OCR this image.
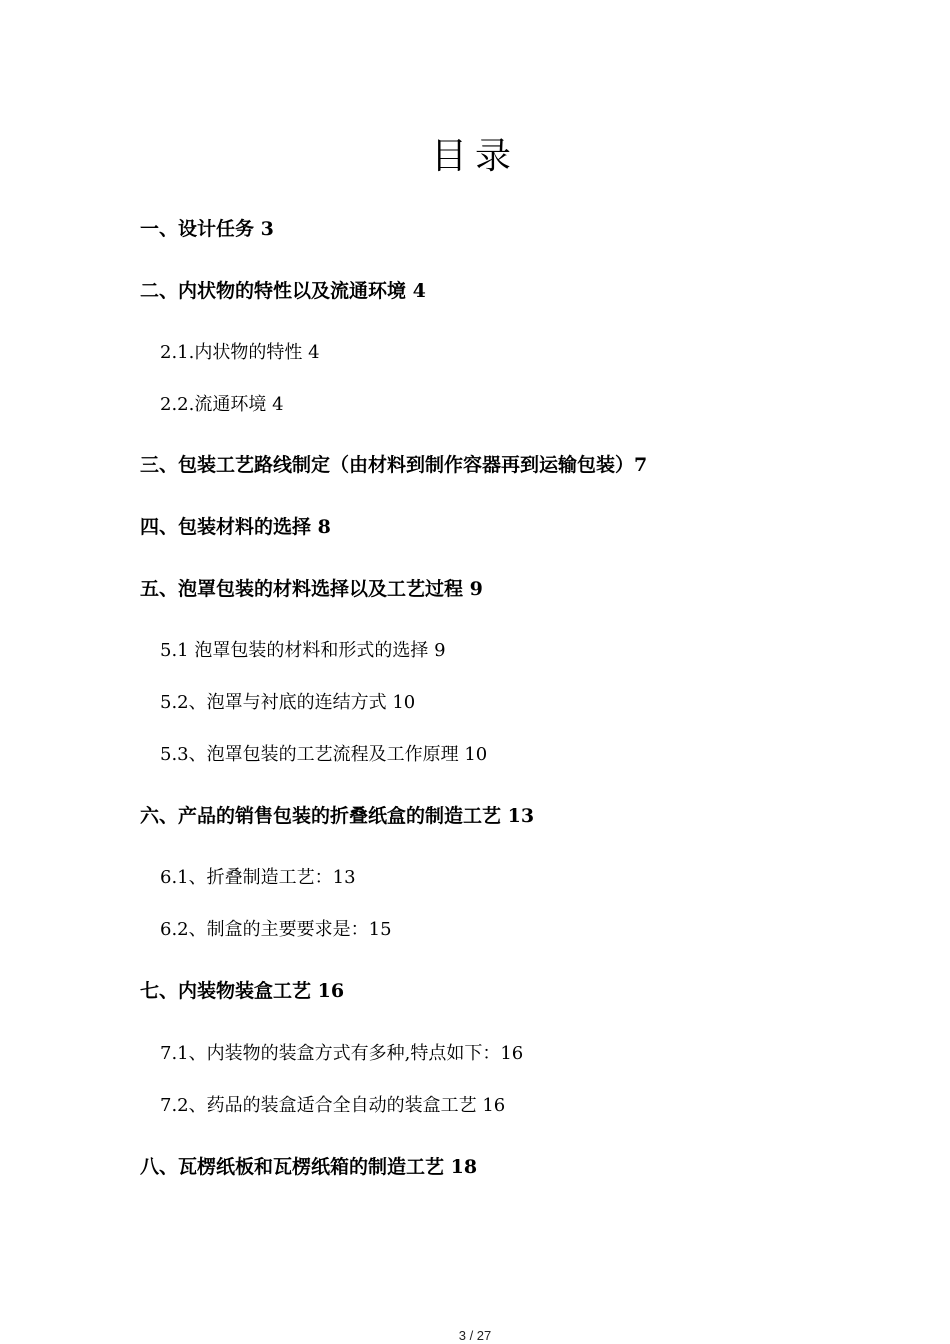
目录

一、设计任务 3

二、内状物的特性以及流通环境 4

2.1.内状物的特性 4

2.2.流通环境 4

三、包装工艺路线制定（由材料到制作容器再到运输包装）7

四、包装材料的选择 8

五、泡罩包装的材料选择以及工艺过程 9

5.1 泡罩包装的材料和形式的选择 9

5.2、泡罩与衬底的连结方式 10

5.3、泡罩包装的工艺流程及工作原理 10

六、产品的销售包装的折叠纸盒的制造工艺 13

6.1、折叠制造工艺：13

6.2、制盒的主要要求是：15

七、内装物装盒工艺 16

7.1、内装物的装盒方式有多种,特点如下：16

7.2、药品的装盒适合全自动的装盒工艺 16

八、瓦楞纸板和瓦楞纸箱的制造工艺 18

3 / 27
